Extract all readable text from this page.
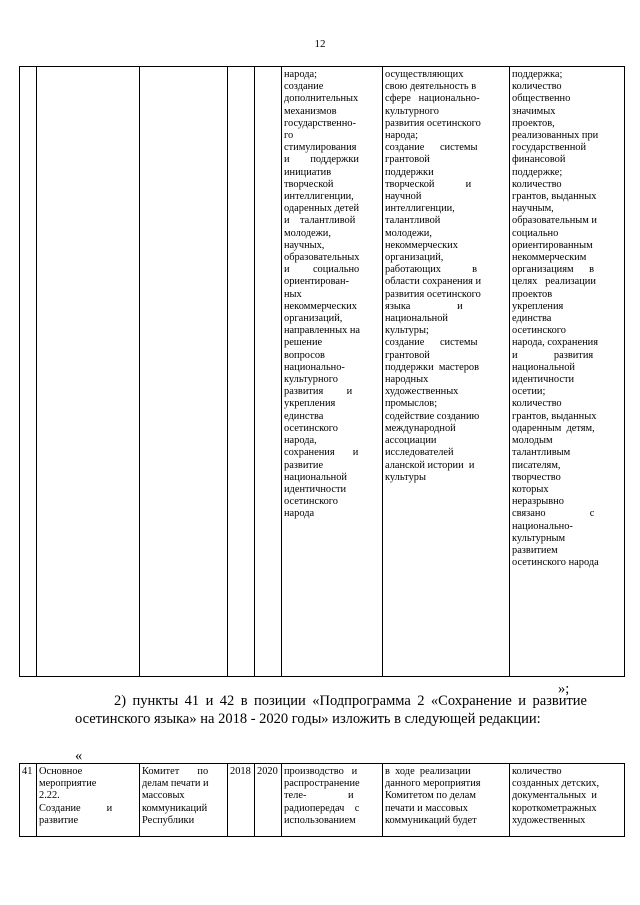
12

народа;
создание
дополнительных
механизмов
государственно-
го
стимулирования
и        поддержки
инициатив
творческой
интеллигенции,
одаренных детей
и    талантливой
молодежи,
научных,
образовательных
и         социально
ориентирован-
ных
некоммерческих
организаций,
направленных на
решение
вопросов
национально-
культурного
развития         и
укрепления
единства
осетинского
народа,
сохранения       и
развитие
национальной
идентичности
осетинского
народа

осуществляющих
свою деятельность в
сфере   национально-
культурного
развития осетинского
народа;
создание      системы
грантовой
поддержки
творческой            и
научной
интеллигенции,
талантливой
молодежи,
некоммерческих
организаций,
работающих            в
области сохранения и
развития осетинского
языка                  и
национальной
культуры;
создание      системы
грантовой
поддержки  мастеров
народных
художественных
промыслов;
содействие созданию
международной
ассоциации
исследователей
аланской истории  и
культуры

поддержка;
количество
общественно
значимых
проектов,
реализованных при
государственной
финансовой
поддержке;
количество
грантов, выданных
научным,
образовательным и
социально
ориентированным
некоммерческим
организациям      в
целях   реализации
проектов
укрепления
единства
осетинского
народа, сохранения
и              развития
национальной
идентичности
осетии;
количество
грантов, выданных
одаренным  детям,
молодым
талантливым
писателям,
творчество
которых
неразрывно
связано                 с
национально-
культурным
развитием
осетинского народа
»;
2) пункты 41 и 42 в позиции «Подпрограмма 2 «Сохранение и развитие осетинского языка» на 2018 - 2020 годы» изложить в следующей редакции:
«
41	Основное
мероприятие
2.22.
Создание          и
развитие

Комитет       по
делам печати и
массовых
коммуникаций
Республики
	2018	2020	производство   и
распространение
теле-                и
радиопередач    с
использованием

в  ходе  реализации
данного мероприятия
Комитетом по делам
печати и массовых
коммуникаций будет

количество
созданных детских,
документальных  и
короткометражных
художественных
